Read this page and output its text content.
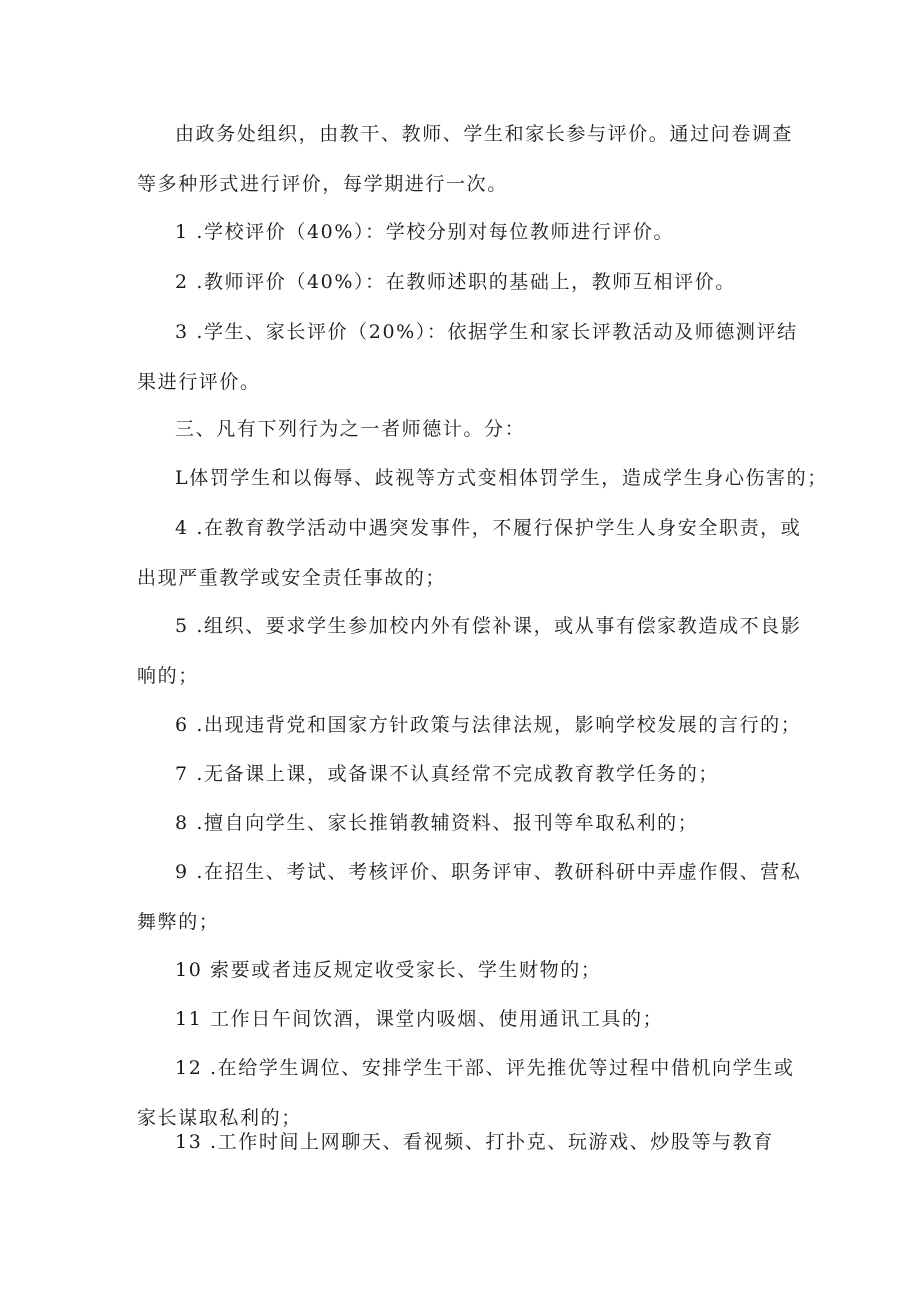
由政务处组织，由教干、教师、学生和家长参与评价。通过问卷调查
等多种形式进行评价，每学期进行一次。

1 .学校评价（40%）：学校分别对每位教师进行评价。

2 .教师评价（40%）：在教师述职的基础上，教师互相评价。

3 .学生、家长评价（20%）：依据学生和家长评教活动及师德测评结
果进行评价。

三、凡有下列行为之一者师德计。分：

L体罚学生和以侮辱、歧视等方式变相体罚学生，造成学生身心伤害的；

4 .在教育教学活动中遇突发事件，不履行保护学生人身安全职责，或
出现严重教学或安全责任事故的；

5 .组织、要求学生参加校内外有偿补课，或从事有偿家教造成不良影
响的；

6 .出现违背党和国家方针政策与法律法规，影响学校发展的言行的；

7 .无备课上课，或备课不认真经常不完成教育教学任务的；

8 .擅自向学生、家长推销教辅资料、报刊等牟取私利的；

9 .在招生、考试、考核评价、职务评审、教研科研中弄虚作假、营私
舞弊的；

10 索要或者违反规定收受家长、学生财物的；

11 工作日午间饮酒，课堂内吸烟、使用通讯工具的；

12 .在给学生调位、安排学生干部、评先推优等过程中借机向学生或
家长谋取私利的；

13 .工作时间上网聊天、看视频、打扑克、玩游戏、炒股等与教育
